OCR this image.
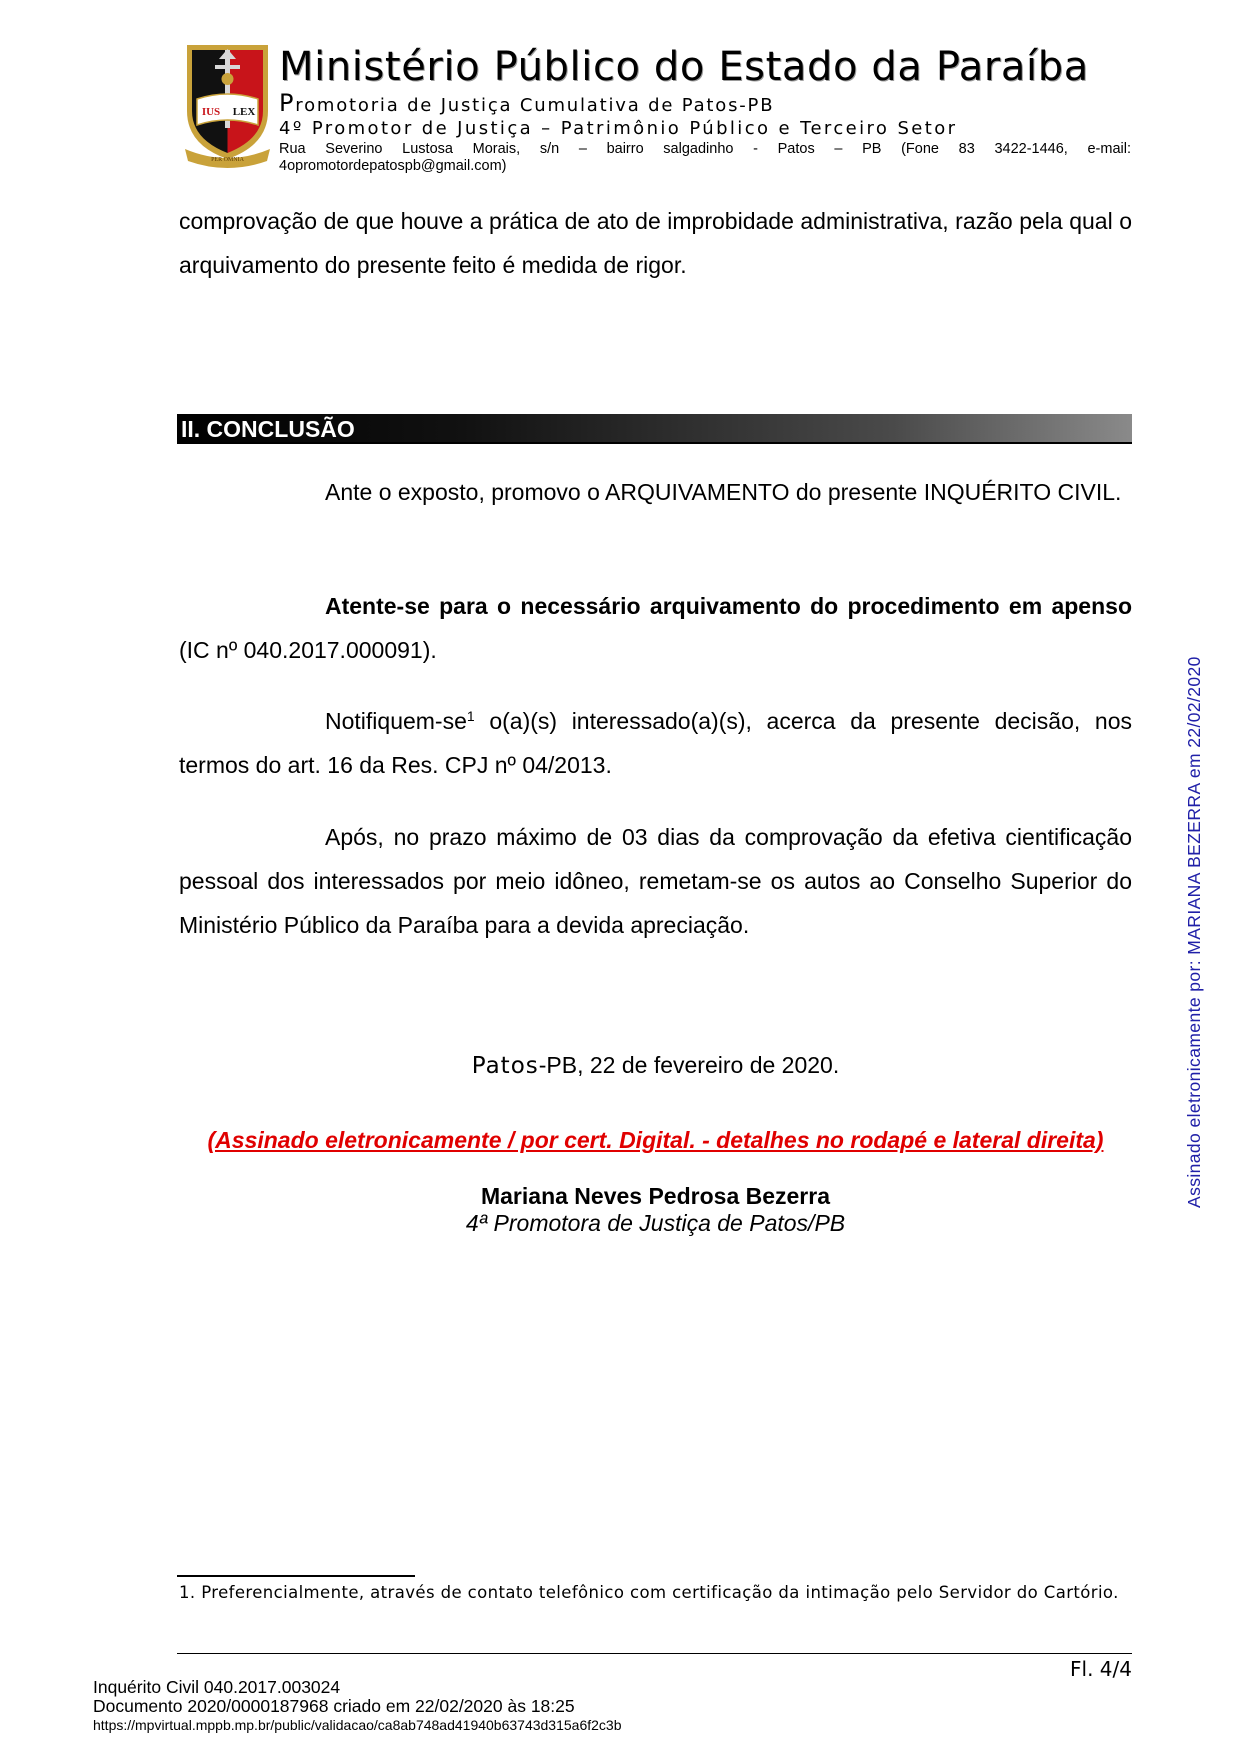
IUS LEX
PER OMNIA
Ministério Público do Estado da Paraíba
Promotoria de Justiça Cumulativa de Patos-PB
4º Promotor de Justiça – Patrimônio Público e Terceiro Setor
Rua Severino Lustosa Morais, s/n – bairro salgadinho - Patos – PB (Fone 83 3422-1446, e-mail:
4opromotordepatospb@gmail.com)
comprovação de que houve a prática de ato de improbidade administrativa, razão pela qual o arquivamento do presente feito é medida de rigor.
II. CONCLUSÃO
Ante o exposto, promovo o ARQUIVAMENTO do presente INQUÉRITO CIVIL.
Atente-se para o necessário arquivamento do procedimento em apenso (IC nº 040.2017.000091).
Notifiquem-se$^1$ o(a)(s) interessado(a)(s), acerca da presente decisão, nos termos do art. 16 da Res. CPJ nº 04/2013.
Após, no prazo máximo de 03 dias da comprovação da efetiva cientificação pessoal dos interessados por meio idôneo, remetam-se os autos ao Conselho Superior do Ministério Público da Paraíba para a devida apreciação.
Patos-PB, 22 de fevereiro de 2020.
(Assinado eletronicamente / por cert. Digital. - detalhes no rodapé e lateral direita)
Mariana Neves Pedrosa Bezerra
4ª Promotora de Justiça de Patos/PB
1. Preferencialmente, através de contato telefônico com certificação da intimação pelo Servidor do Cartório.
Fl. 4/4
Inquérito Civil 040.2017.003024
Documento 2020/0000187968 criado em 22/02/2020 às 18:25
https://mpvirtual.mppb.mp.br/public/validacao/ca8ab748ad41940b63743d315a6f2c3b
Assinado eletronicamente por: MARIANA BEZERRA em 22/02/2020
